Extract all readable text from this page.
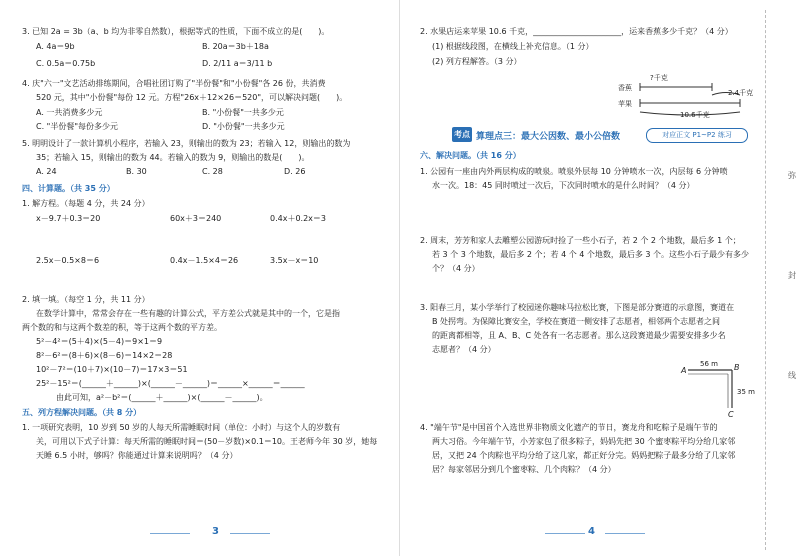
3. 已知 2a = 3b（a、b 均为非零自然数），根据等式的性质，下面不成立的是(　　)。
A. 4a＝9b	B. 20a＝3b＋18a
C. 0.5a＝0.75b	D. 2/11 a＝3/11 b
4. 庆"六一"文艺活动排练期间，合唱社团订购了"半份餐"和"小份餐"各 26 份，共消费
520 元，其中"小份餐"每份 12 元。方程"26x＋12×26＝520"，可以解决问题(　　)。
A. 一共消费多少元	B. "小份餐"一共多少元
C. "半份餐"每份多少元	D. "小份餐"一共多少元
5. 明明设计了一款计算机小程序，若输入 23，则输出的数为 23；若输入 12，则输出的数为
35；若输入 15，则输出的数为 44。若输入的数为 9，则输出的数是(　　)。
A. 24	B. 30	C. 28	D. 26
四、计算题。（共 35 分）
1. 解方程。（每题 4 分，共 24 分）
x－9.7＋0.3＝20	60x＋3＝240	0.4x＋0.2x＝3
2.5x－0.5×8＝6	0.4x－1.5×4＝26	3.5x－x＝10
2. 填一填。（每空 1 分，共 11 分）
在数学计算中，常常会存在一些有趣的计算公式，平方差公式就是其中的一个，它是指
两个数的和与这两个数差的积，等于这两个数的平方差。
5²－4²＝(5＋4)×(5－4)＝9×1＝9
8²－6²＝(8＋6)×(8－6)＝14×2＝28
10²－7²＝(10＋7)×(10－7)＝17×3＝51
25²－15²＝(______＋______)×(______－______)＝______×______＝______
由此可知，a²－b²＝(______＋______)×(______－______)。
五、列方程解决问题。（共 8 分）
1. 一项研究表明，10 岁到 50 岁的人每天所需睡眠时间（单位：小时）与这个人的岁数有
关，可用以下式子计算：每天所需的睡眠时间＝(50－岁数)×0.1＝10。王老师今年 30 岁，她每
天睡 6.5 小时，够吗？你能通过计算来说明吗？（4 分）
3
2. 水果店运来苹果 10.6 千克，______________________，运来香蕉多少千克？（4 分）
(1) 根据线段图，在横线上补充信息。（1 分）
(2) 列方程解答。（3 分）
?千克
香蕉
苹果
2.4千克
10.6千克
考点 算理点三：最大公因数、最小公倍数	对应正文 P1~P2 练习
六、解决问题。（共 16 分）
1. 公园有一座由内外两层构成的喷泉。喷泉外层每 10 分钟喷水一次，内层每 6 分钟喷
水一次。18：45 同时喷过一次后，下次同时喷水的是什么时间？（4 分）
2. 周末，芳芳和家人去雕塑公园游玩时捡了一些小石子，若 2 个 2 个地数，最后多 1 个；
若 3 个 3 个地数，最后多 2 个；若 4 个 4 个地数，最后多 3 个。这些小石子最少有多少
个？（4 分）
3. 阳春三月，某小学举行了校园迷你趣味马拉松比赛，下图是部分赛道的示意图，赛道在
B 处拐弯。为保障比赛安全，学校在赛道一侧安排了志愿者，相邻两个志愿者之间
的距离都相等，且 A、B、C 处各有一名志愿者。那么这段赛道最少需要安排多少名
志愿者？（4 分）
A	B
C
56 m
35 m
4. "端午节"是中国首个入选世界非物质文化遗产的节日，赛龙舟和吃粽子是端午节的
两大习俗。今年端午节，小芳家包了很多粽子，妈妈先把 30 个蜜枣粽平均分给几家邻
居，又把 24 个肉粽也平均分给了这几家，都正好分完。妈妈把粽子最多分给了几家邻
居？每家邻居分到几个蜜枣粽、几个肉粽？（4 分）
4
弥
封
线
